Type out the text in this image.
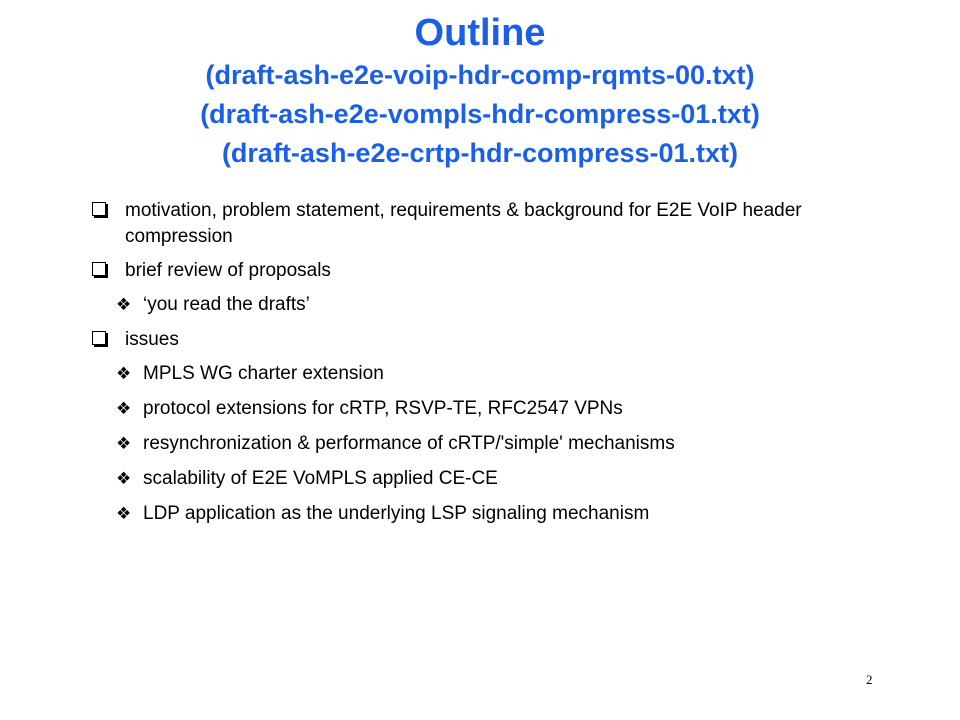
Outline

(draft-ash-e2e-voip-hdr-comp-rqmts-00.txt)

(draft-ash-e2e-vompls-hdr-compress-01.txt)

(draft-ash-e2e-crtp-hdr-compress-01.txt)

motivation, problem statement, requirements & background for E2E VoIP header compression
brief review of proposals
❖ ‘you read the drafts’
issues
❖ MPLS WG charter extension
❖ protocol extensions for cRTP, RSVP-TE, RFC2547 VPNs
❖ resynchronization & performance of cRTP/'simple' mechanisms
❖ scalability of E2E VoMPLS applied CE-CE
❖ LDP application as the underlying LSP signaling mechanism
2
